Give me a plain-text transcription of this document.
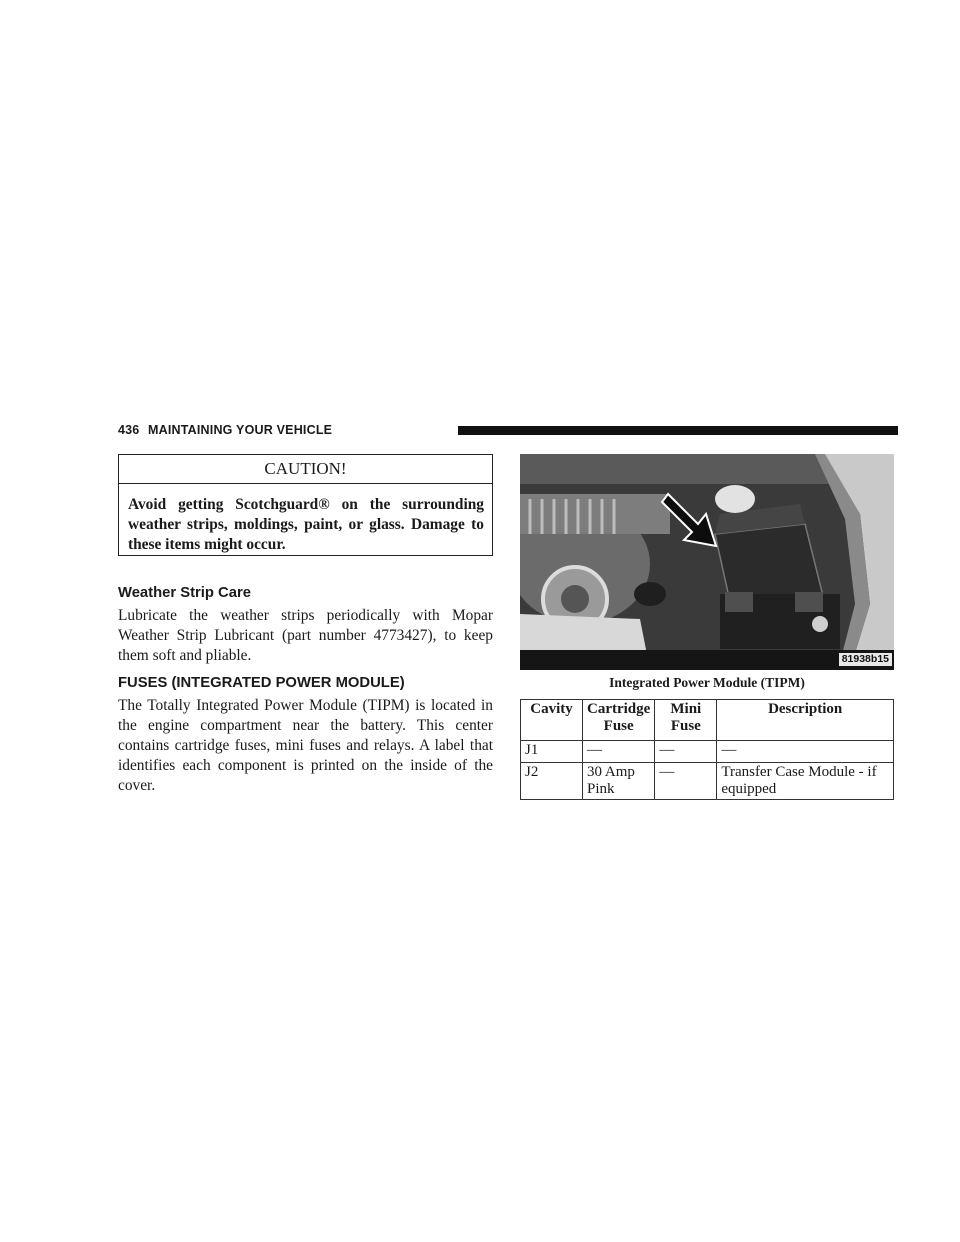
436 MAINTAINING YOUR VEHICLE
CAUTION!
Avoid getting Scotchguard® on the surrounding weather strips, moldings, paint, or glass. Damage to these items might occur.
Weather Strip Care
Lubricate the weather strips periodically with Mopar Weather Strip Lubricant (part number 4773427), to keep them soft and pliable.
FUSES (INTEGRATED POWER MODULE)
The Totally Integrated Power Module (TIPM) is located in the engine compartment near the battery. This center contains cartridge fuses, mini fuses and relays. A label that identifies each component is printed on the inside of the cover.
81938b15
Integrated Power Module (TIPM)
Cavity	Cartridge Fuse	Mini Fuse	Description
J1	—	—	—
J2	30 Amp Pink	—	Transfer Case Module - if equipped
